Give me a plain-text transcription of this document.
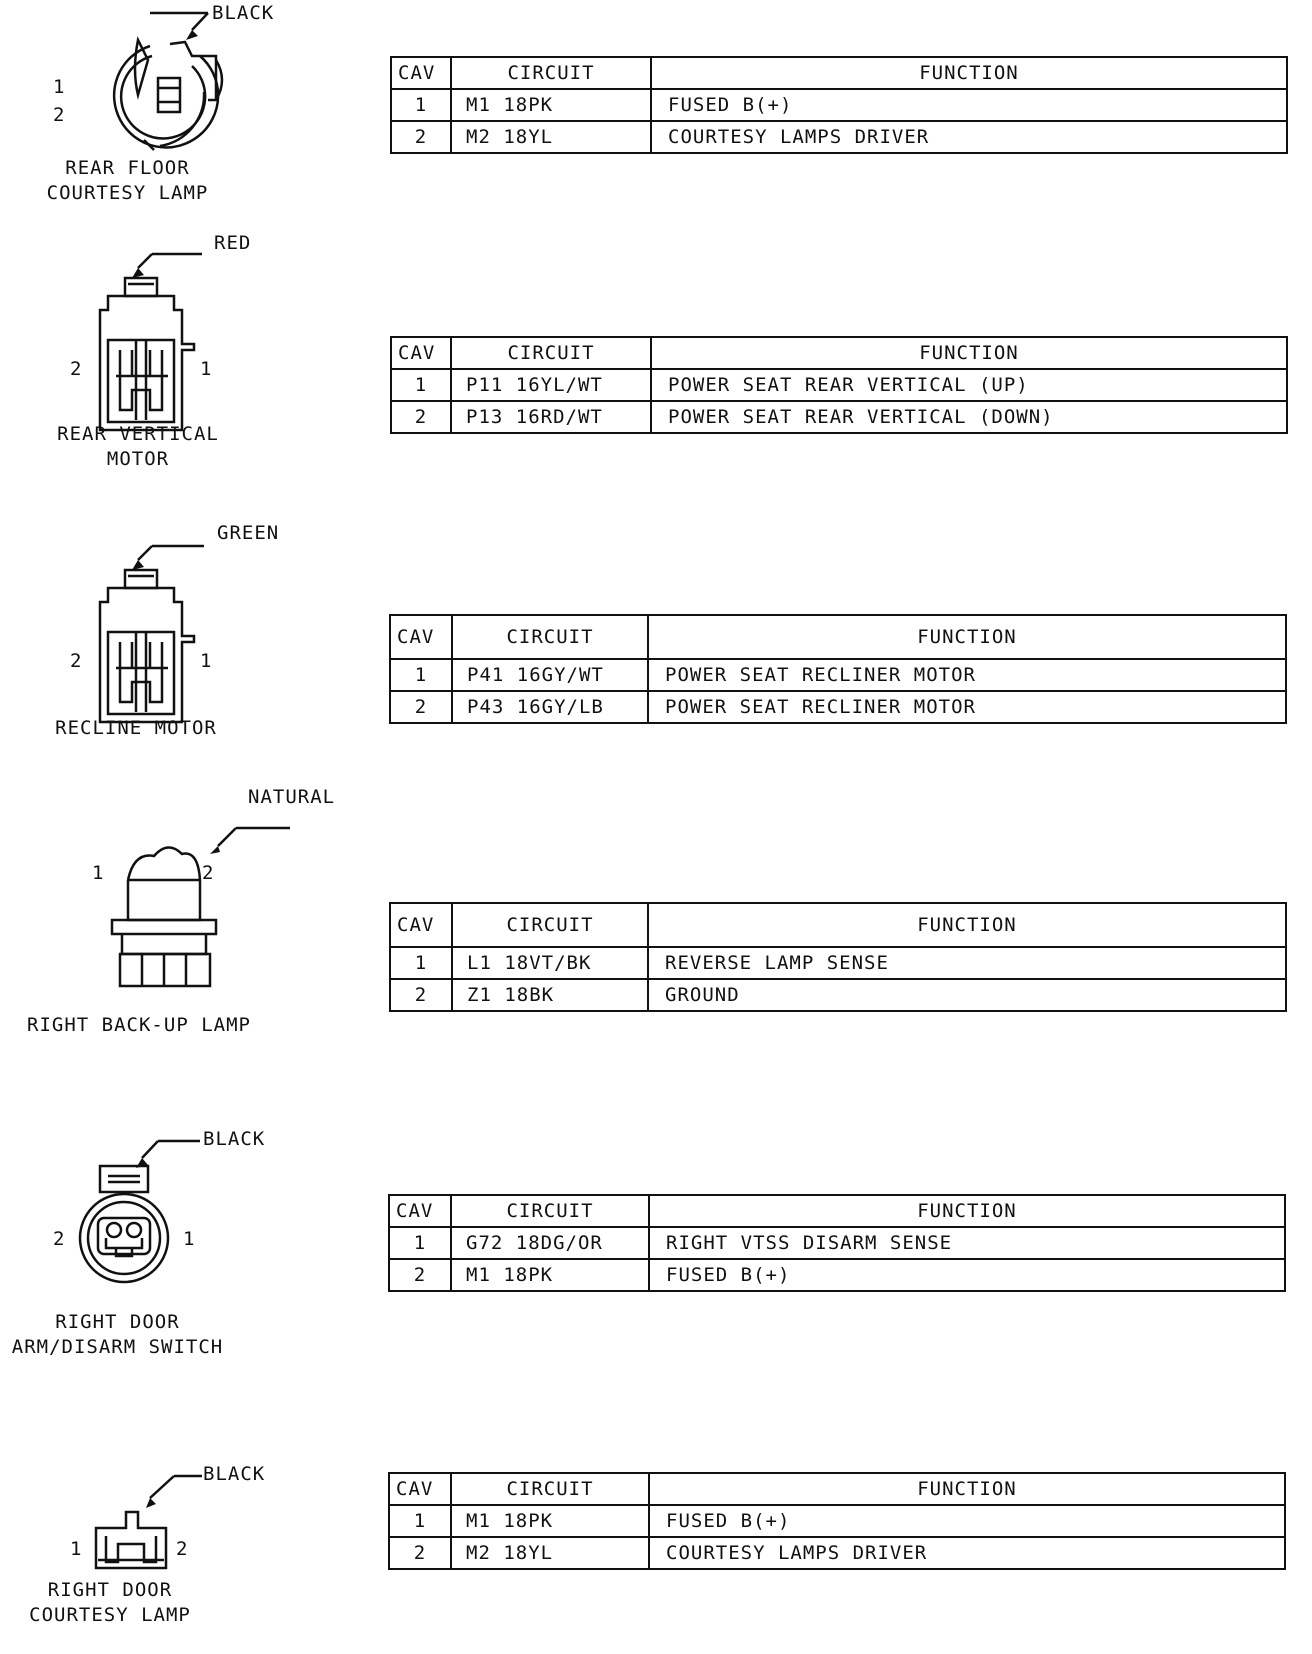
BLACK
1
2
REAR FLOOR
COURTESY LAMP
CAV	CIRCUIT	FUNCTION
1	M1 18PK	FUSED B(+)
2	M2 18YL	COURTESY LAMPS DRIVER
RED
2	1
REAR VERTICAL
MOTOR
CAV	CIRCUIT	FUNCTION
1	P11 16YL/WT	POWER SEAT REAR VERTICAL (UP)
2	P13 16RD/WT	POWER SEAT REAR VERTICAL (DOWN)
GREEN
2	1
RECLINE MOTOR
CAV	CIRCUIT	FUNCTION
1	P41 16GY/WT	POWER SEAT RECLINER MOTOR
2	P43 16GY/LB	POWER SEAT RECLINER MOTOR
NATURAL
1	2
RIGHT BACK-UP LAMP
CAV	CIRCUIT	FUNCTION
1	L1 18VT/BK	REVERSE LAMP SENSE
2	Z1 18BK	GROUND
BLACK
2	1
RIGHT DOOR
ARM/DISARM SWITCH
CAV	CIRCUIT	FUNCTION
1	G72 18DG/OR	RIGHT VTSS DISARM SENSE
2	M1 18PK	FUSED B(+)
BLACK
1	2
RIGHT DOOR
COURTESY LAMP
CAV	CIRCUIT	FUNCTION
1	M1 18PK	FUSED B(+)
2	M2 18YL	COURTESY LAMPS DRIVER
